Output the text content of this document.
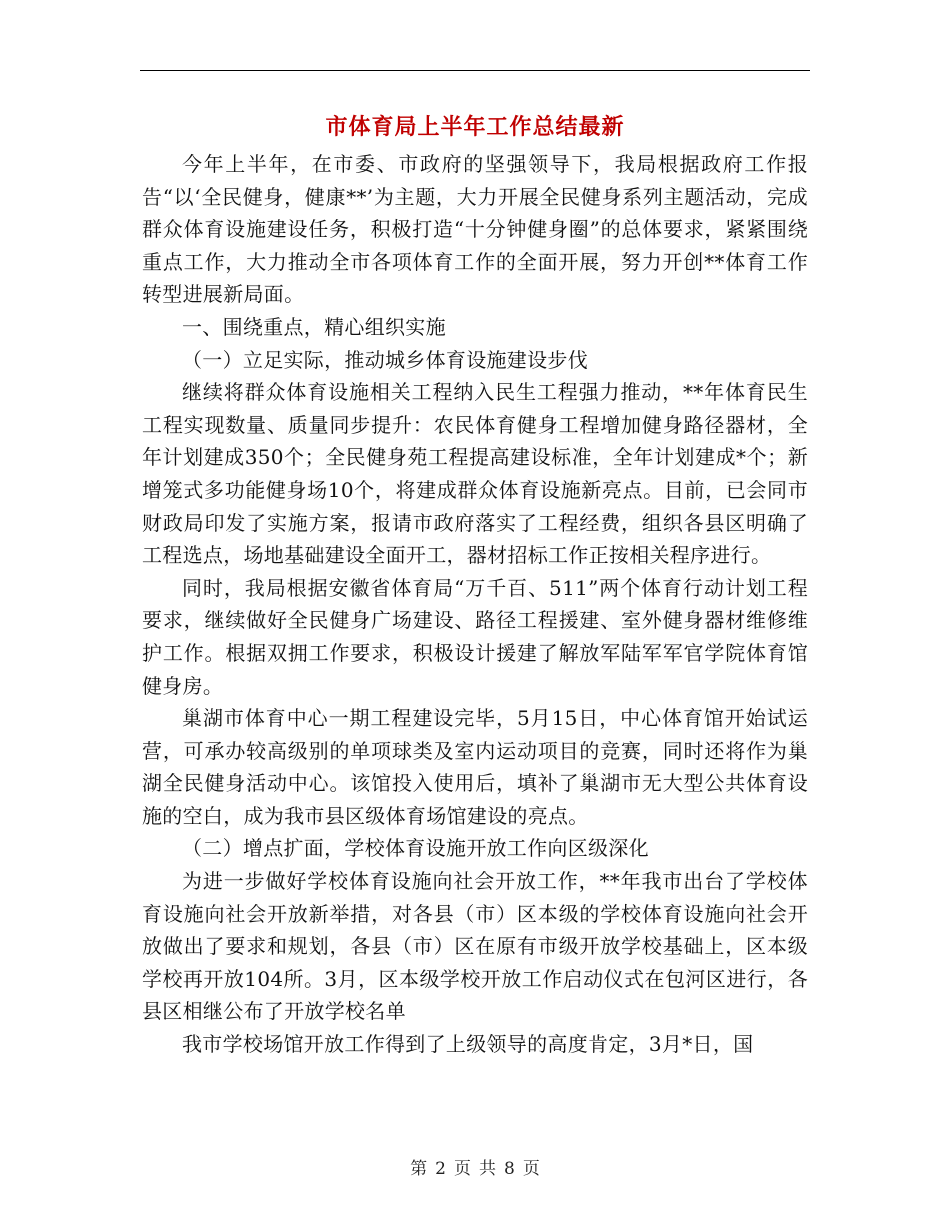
市体育局上半年工作总结最新

今年上半年，在市委、市政府的坚强领导下，我局根据政府工作报告“以‘全民健身，健康**’为主题，大力开展全民健身系列主题活动，完成群众体育设施建设任务，积极打造“十分钟健身圈”的总体要求，紧紧围绕重点工作，大力推动全市各项体育工作的全面开展，努力开创**体育工作转型进展新局面。

一、围绕重点，精心组织实施

（一）立足实际，推动城乡体育设施建设步伐

继续将群众体育设施相关工程纳入民生工程强力推动，**年体育民生工程实现数量、质量同步提升：农民体育健身工程增加健身路径器材，全年计划建成350个；全民健身苑工程提高建设标准，全年计划建成*个；新增笼式多功能健身场10个，将建成群众体育设施新亮点。目前，已会同市财政局印发了实施方案，报请市政府落实了工程经费，组织各县区明确了工程选点，场地基础建设全面开工，器材招标工作正按相关程序进行。

同时，我局根据安徽省体育局“万千百、511”两个体育行动计划工程要求，继续做好全民健身广场建设、路径工程援建、室外健身器材维修维护工作。根据双拥工作要求，积极设计援建了解放军陆军军官学院体育馆健身房。

巢湖市体育中心一期工程建设完毕，5月15日，中心体育馆开始试运营，可承办较高级别的单项球类及室内运动项目的竞赛，同时还将作为巢湖全民健身活动中心。该馆投入使用后，填补了巢湖市无大型公共体育设施的空白，成为我市县区级体育场馆建设的亮点。

（二）增点扩面，学校体育设施开放工作向区级深化

为进一步做好学校体育设施向社会开放工作，**年我市出台了学校体育设施向社会开放新举措，对各县（市）区本级的学校体育设施向社会开放做出了要求和规划，各县（市）区在原有市级开放学校基础上，区本级学校再开放104所。3月，区本级学校开放工作启动仪式在包河区进行，各县区相继公布了开放学校名单

我市学校场馆开放工作得到了上级领导的高度肯定，3月*日，国

第 2 页 共 8 页
